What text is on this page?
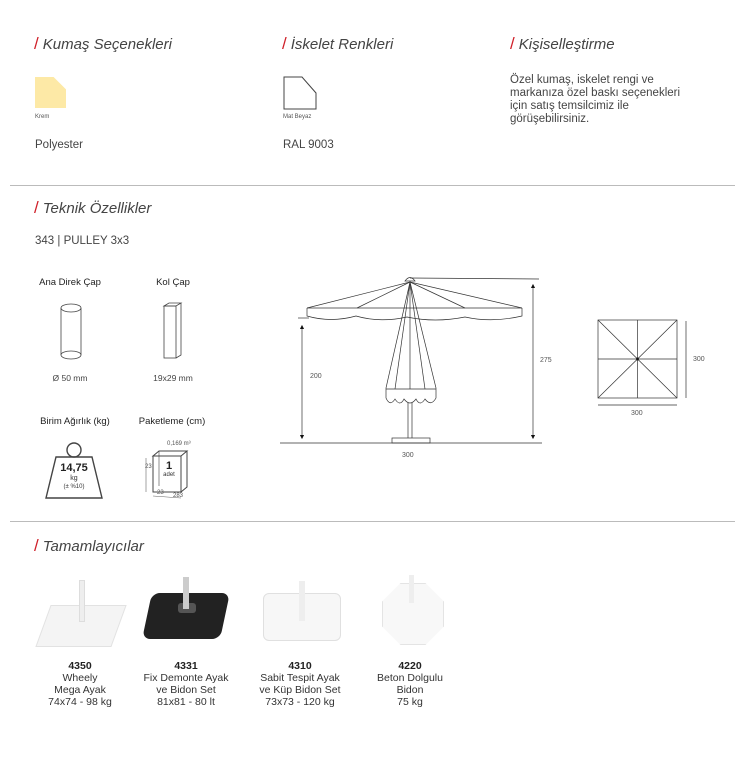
/ Kumaş Seçenekleri
Krem
Polyester
/ İskelet Renkleri
Mat Beyaz
RAL 9003
/ Kişiselleştirme
Özel kumaş, iskelet rengi ve
markanıza özel baskı seçenekleri
için satış temsilcimiz ile
görüşebilirsiniz.
/ Teknik Özellikler
343 | PULLEY 3x3
Ana Direk Çap
Ø 50 mm
Kol Çap
19x29 mm
Birim Ağırlık (kg)
14,75
kg
(± %10)
Paketleme (cm)
0,169 m³
23
23 283
1
adet
200
275
300
300
300
/ Tamamlayıcılar
4350
Wheely
Mega Ayak
74x74 - 98 kg
4331
Fix Demonte Ayak
ve Bidon Set
81x81 - 80 lt
4310
Sabit Tespit Ayak
ve Küp Bidon Set
73x73 - 120 kg
4220
Beton Dolgulu
Bidon
75 kg
